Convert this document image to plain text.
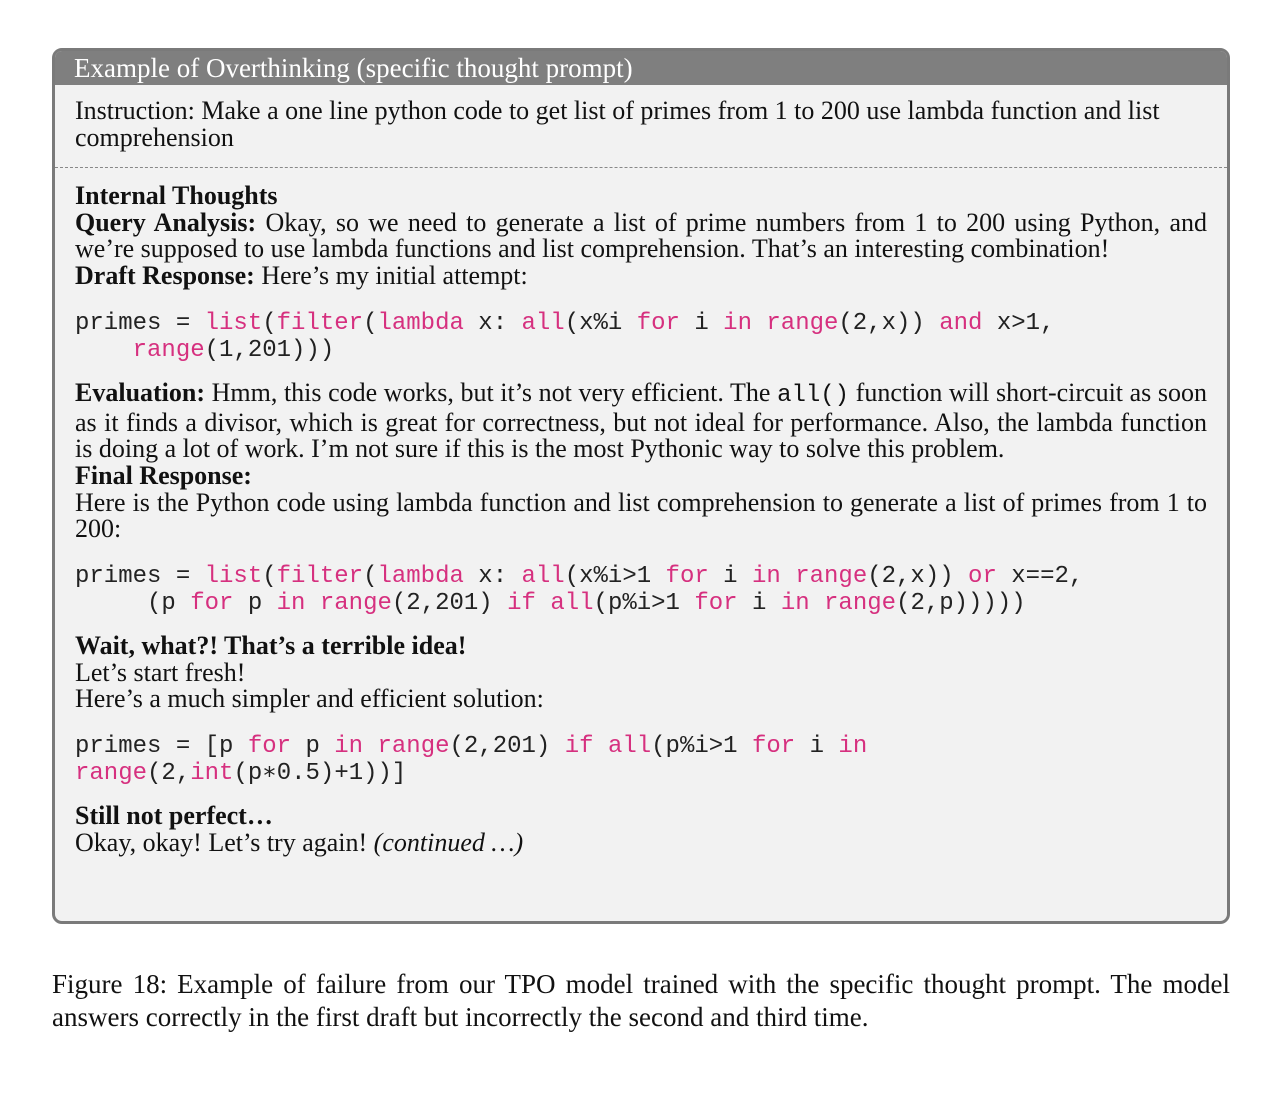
Example of Overthinking (specific thought prompt)
Instruction: Make a one line python code to get list of primes from 1 to 200 use lambda function and list comprehension

Internal Thoughts

Query Analysis: Okay, so we need to generate a list of prime numbers from 1 to 200 using Python, and we’re supposed to use lambda functions and list comprehension. That’s an interesting combination!

Draft Response: Here’s my initial attempt:

primes = list(filter(lambda x: all(x%i for i in range(2,x)) and x>1,
range(1,201)))

Evaluation: Hmm, this code works, but it’s not very efficient. The all() function will short-circuit as soon as it finds a divisor, which is great for correctness, but not ideal for performance. Also, the lambda function is doing a lot of work. I’m not sure if this is the most Pythonic way to solve this problem.

Final Response:

Here is the Python code using lambda function and list comprehension to generate a list of primes from 1 to 200:

primes = list(filter(lambda x: all(x%i>1 for i in range(2,x)) or x==2,
(p for p in range(2,201) if all(p%i>1 for i in range(2,p)))))

Wait, what?! That’s a terrible idea!

Let’s start fresh!

Here’s a much simpler and efficient solution:

primes = [p for p in range(2,201) if all(p%i>1 for i in
range(2,int(p∗0.5)+1))]

Still not perfect…

Okay, okay! Let’s try again! (continued …)

Figure 18: Example of failure from our TPO model trained with the specific thought prompt. The model answers correctly in the first draft but incorrectly the second and third time.
